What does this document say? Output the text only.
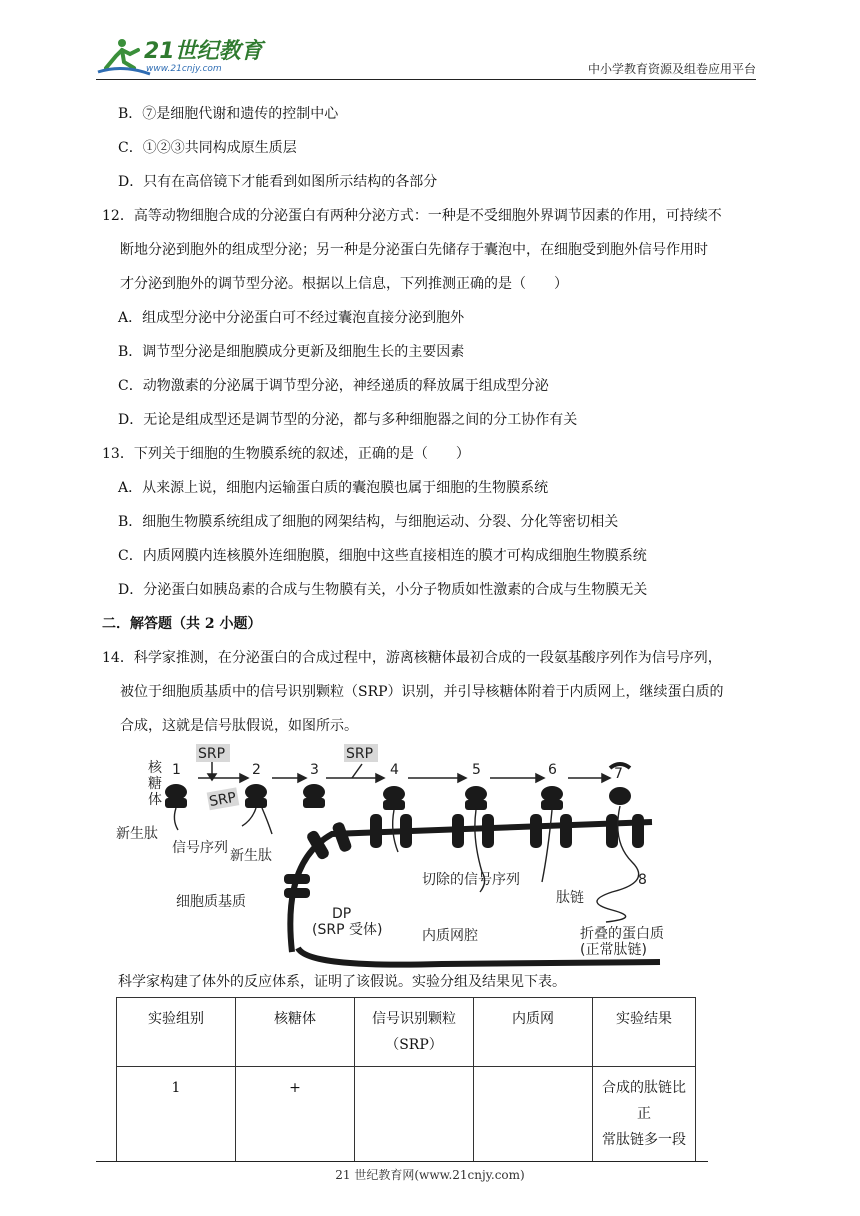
21世纪教育
www.21cnjy.com	中小学教育资源及组卷应用平台
B．⑦是细胞代谢和遗传的控制中心
C．①②③共同构成原生质层
D．只有在高倍镜下才能看到如图所示结构的各部分
12．高等动物细胞合成的分泌蛋白有两种分泌方式：一种是不受细胞外界调节因素的作用，可持续不
断地分泌到胞外的组成型分泌；另一种是分泌蛋白先储存于囊泡中，在细胞受到胞外信号作用时
才分泌到胞外的调节型分泌。根据以上信息，下列推测正确的是（　　）
A．组成型分泌中分泌蛋白可不经过囊泡直接分泌到胞外
B．调节型分泌是细胞膜成分更新及细胞生长的主要因素
C．动物激素的分泌属于调节型分泌，神经递质的释放属于组成型分泌
D．无论是组成型还是调节型的分泌，都与多种细胞器之间的分工协作有关
13．下列关于细胞的生物膜系统的叙述，正确的是（　　）
A．从来源上说，细胞内运输蛋白质的囊泡膜也属于细胞的生物膜系统
B．细胞生物膜系统组成了细胞的网架结构，与细胞运动、分裂、分化等密切相关
C．内质网膜内连核膜外连细胞膜，细胞中这些直接相连的膜才可构成细胞生物膜系统
D．分泌蛋白如胰岛素的合成与生物膜有关，小分子物质如性激素的合成与生物膜无关
二．解答题（共 2 小题）
14．科学家推测，在分泌蛋白的合成过程中，游离核糖体最初合成的一段氨基酸序列作为信号序列，
被位于细胞质基质中的信号识别颗粒（SRP）识别，并引导核糖体附着于内质网上，继续蛋白质的
合成，这就是信号肽假说，如图所示。
核
糖
体
1	2	3	4	5	6	7
SRP	SRP
SRP
新生肽
信号序列 新生肽
细胞质基质
DP
(SRP 受体)	内质网腔
切除的信号序列
肽链
8
折叠的蛋白质
(正常肽链)
科学家构建了体外的反应体系，证明了该假说。实验分组及结果见下表。
实验组别	核糖体	信号识别颗粒
（SRP）	内质网	实验结果
1	+			合成的肽链比正
常肽链多一段
21 世纪教育网(www.21cnjy.com)
